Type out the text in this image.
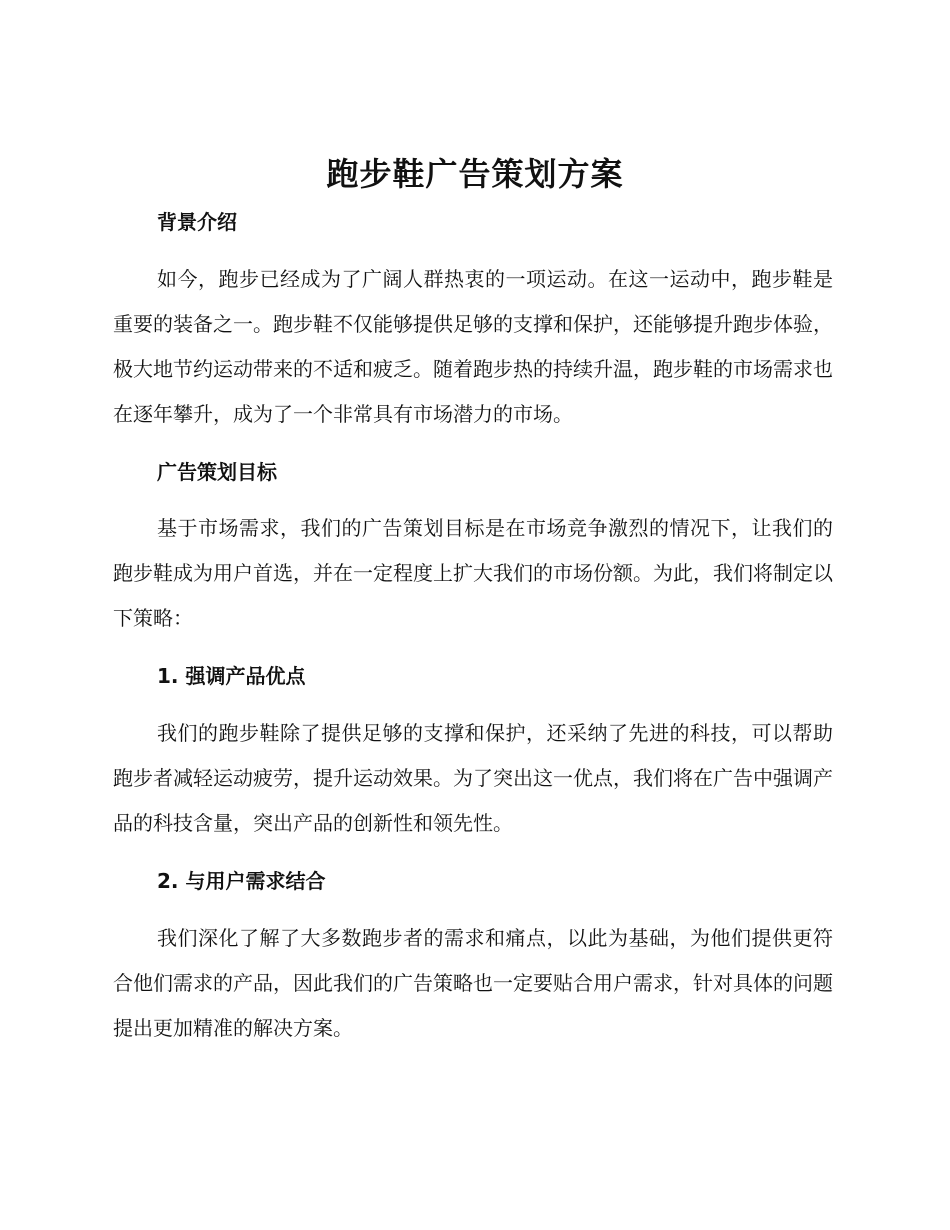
跑步鞋广告策划方案
背景介绍
如今，跑步已经成为了广阔人群热衷的一项运动。在这一运动中，跑步鞋是重要的装备之一。跑步鞋不仅能够提供足够的支撑和保护，还能够提升跑步体验，极大地节约运动带来的不适和疲乏。随着跑步热的持续升温，跑步鞋的市场需求也在逐年攀升，成为了一个非常具有市场潜力的市场。
广告策划目标
基于市场需求，我们的广告策划目标是在市场竞争激烈的情况下，让我们的跑步鞋成为用户首选，并在一定程度上扩大我们的市场份额。为此，我们将制定以下策略：
1. 强调产品优点
我们的跑步鞋除了提供足够的支撑和保护，还采纳了先进的科技，可以帮助跑步者减轻运动疲劳，提升运动效果。为了突出这一优点，我们将在广告中强调产品的科技含量，突出产品的创新性和领先性。
2. 与用户需求结合
我们深化了解了大多数跑步者的需求和痛点，以此为基础，为他们提供更符合他们需求的产品，因此我们的广告策略也一定要贴合用户需求，针对具体的问题提出更加精准的解决方案。
